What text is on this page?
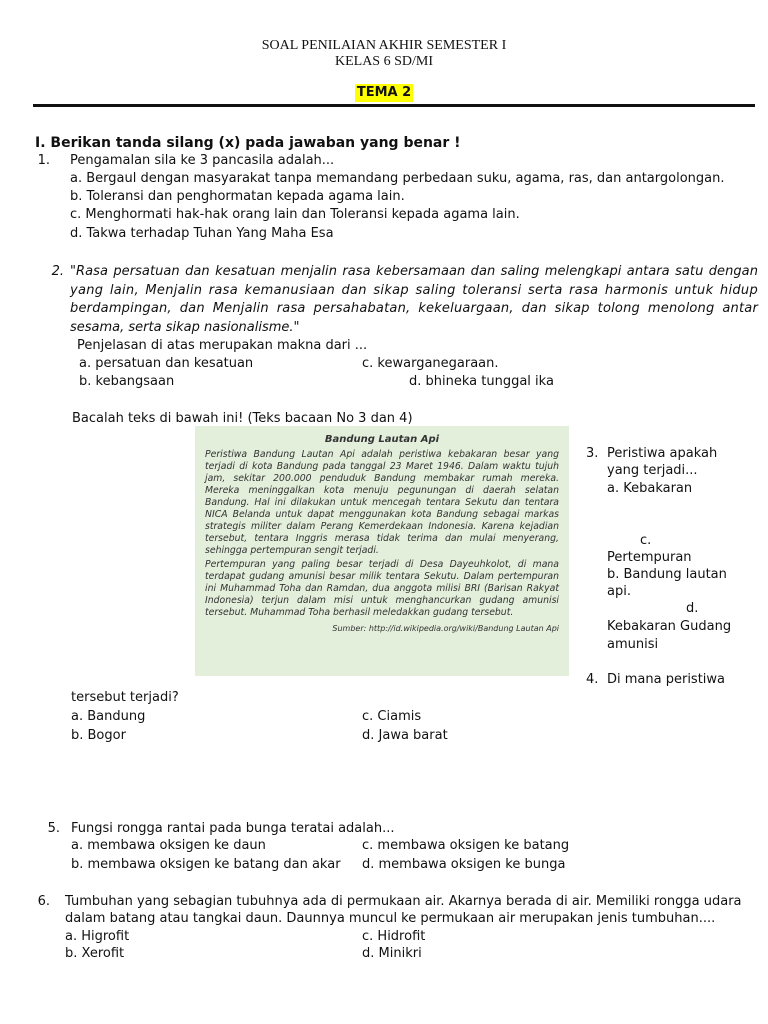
SOAL PENILAIAN AKHIR SEMESTER I
KELAS 6 SD/MI
TEMA 2
I. Berikan tanda silang (x) pada jawaban yang benar !
1. Pengamalan sila ke 3 pancasila adalah...
a. Bergaul dengan masyarakat tanpa memandang perbedaan suku, agama, ras, dan antargolongan.
b. Toleransi dan penghormatan kepada agama lain.
c. Menghormati hak-hak orang lain dan Toleransi kepada agama lain.
d. Takwa terhadap Tuhan Yang Maha Esa
2. "Rasa persatuan dan kesatuan menjalin rasa kebersamaan dan saling melengkapi antara satu dengan
yang lain, Menjalin rasa kemanusiaan dan sikap saling toleransi serta rasa harmonis untuk hidup
berdampingan, dan Menjalin rasa persahabatan, kekeluargaan, dan sikap tolong menolong antar
sesama, serta sikap nasionalisme."
Penjelasan di atas merupakan makna dari ...
a. persatuan dan kesatuan	c. kewarganegaraan.
b. kebangsaan	d. bhineka tunggal ika
Bacalah teks di bawah ini! (Teks bacaan No 3 dan 4)
Bandung Lautan Api

Peristiwa Bandung Lautan Api adalah peristiwa kebakaran besar yang terjadi di kota Bandung pada tanggal 23 Maret 1946. Dalam waktu tujuh jam, sekitar 200.000 penduduk Bandung membakar rumah mereka. Mereka meninggalkan kota menuju pegunungan di daerah selatan Bandung. Hal ini dilakukan untuk mencegah tentara Sekutu dan tentara NICA Belanda untuk dapat menggunakan kota Bandung sebagai markas strategis militer dalam Perang Kemerdekaan Indonesia. Karena kejadian tersebut, tentara Inggris merasa tidak terima dan mulai menyerang, sehingga pertempuran sengit terjadi.

Pertempuran yang paling besar terjadi di Desa Dayeuhkolot, di mana terdapat gudang amunisi besar milik tentara Sekutu. Dalam pertempuran ini Muhammad Toha dan Ramdan, dua anggota milisi BRI (Barisan Rakyat Indonesia) terjun dalam misi untuk menghancurkan gudang amunisi tersebut. Muhammad Toha berhasil meledakkan gudang tersebut.

Sumber: http://id.wikipedia.org/wiki/Bandung Lautan Api
3. Peristiwa apakah
yang terjadi...
a. Kebakaran
c.
Pertempuran
b. Bandung lautan
api.
d.
Kebakaran Gudang
amunisi
4. Di mana peristiwa
tersebut terjadi?
a. Bandung	c. Ciamis
b. Bogor	d. Jawa barat
5. Fungsi rongga rantai pada bunga teratai adalah...
a. membawa oksigen ke daun	c. membawa oksigen ke batang
b. membawa oksigen ke batang dan akar d. membawa oksigen ke bunga
6. Tumbuhan yang sebagian tubuhnya ada di permukaan air. Akarnya berada di air. Memiliki rongga udara
dalam batang atau tangkai daun. Daunnya muncul ke permukaan air merupakan jenis tumbuhan....
a. Higrofit	c. Hidrofit
b. Xerofit	d. Minikri
